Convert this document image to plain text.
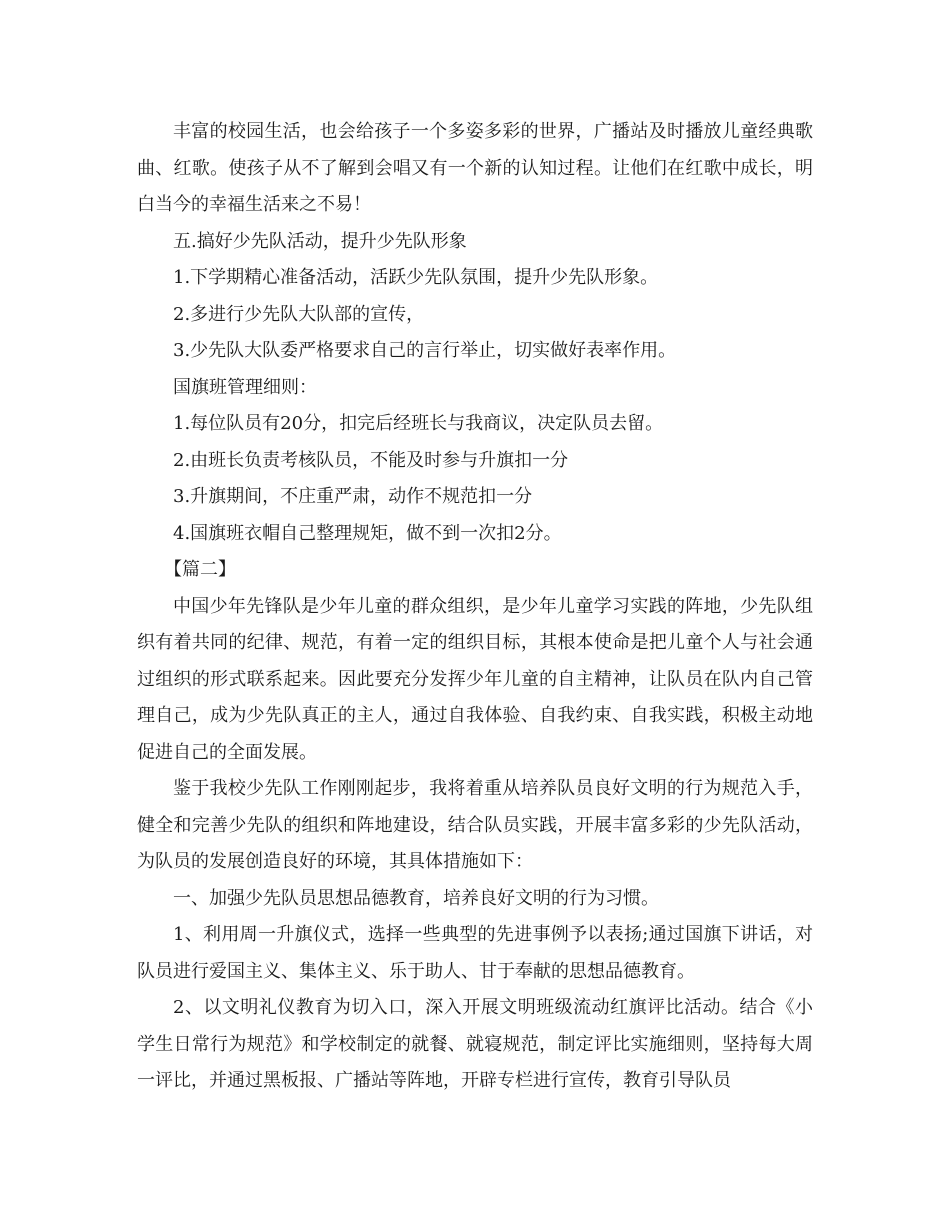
丰富的校园生活，也会给孩子一个多姿多彩的世界，广播站及时播放儿童经典歌曲、红歌。使孩子从不了解到会唱又有一个新的认知过程。让他们在红歌中成长，明白当今的幸福生活来之不易！

五.搞好少先队活动，提升少先队形象

1.下学期精心准备活动，活跃少先队氛围，提升少先队形象。

2.多进行少先队大队部的宣传，

3.少先队大队委严格要求自己的言行举止，切实做好表率作用。

国旗班管理细则：

1.每位队员有20分，扣完后经班长与我商议，决定队员去留。

2.由班长负责考核队员，不能及时参与升旗扣一分

3.升旗期间，不庄重严肃，动作不规范扣一分

4.国旗班衣帽自己整理规矩，做不到一次扣2分。

【篇二】

中国少年先锋队是少年儿童的群众组织，是少年儿童学习实践的阵地，少先队组织有着共同的纪律、规范，有着一定的组织目标，其根本使命是把儿童个人与社会通过组织的形式联系起来。因此要充分发挥少年儿童的自主精神，让队员在队内自己管理自己，成为少先队真正的主人，通过自我体验、自我约束、自我实践，积极主动地促进自己的全面发展。

鉴于我校少先队工作刚刚起步，我将着重从培养队员良好文明的行为规范入手，健全和完善少先队的组织和阵地建设，结合队员实践，开展丰富多彩的少先队活动，为队员的发展创造良好的环境，其具体措施如下：

一、加强少先队员思想品德教育，培养良好文明的行为习惯。

1、利用周一升旗仪式，选择一些典型的先进事例予以表扬;通过国旗下讲话，对队员进行爱国主义、集体主义、乐于助人、甘于奉献的思想品德教育。

2、以文明礼仪教育为切入口，深入开展文明班级流动红旗评比活动。结合《小学生日常行为规范》和学校制定的就餐、就寝规范，制定评比实施细则，坚持每大周一评比，并通过黑板报、广播站等阵地，开辟专栏进行宣传，教育引导队员
